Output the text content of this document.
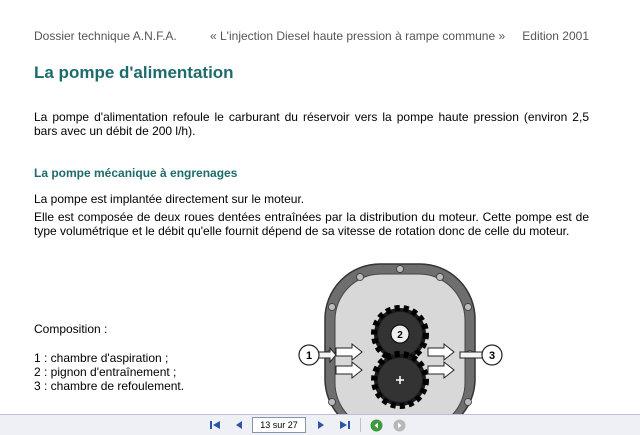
Dossier technique A.N.F.A.	« L'injection Diesel haute pression à rampe commune » Edition 2001
La pompe d'alimentation
La pompe d'alimentation refoule le carburant du réservoir vers la pompe haute pression (environ 2,5 bars avec un débit de 200 l/h).
La pompe mécanique à engrenages
La pompe est implantée directement sur le moteur.
Elle est composée de deux roues dentées entraînées par la distribution du moteur. Cette pompe est de type volumétrique et le débit qu'elle fournit dépend de sa vitesse de rotation donc de celle du moteur.
Composition :
1 : chambre d'aspiration ;
2 : pignon d'entraînement ;
3 : chambre de refoulement.
2
1	3
13 sur 27
